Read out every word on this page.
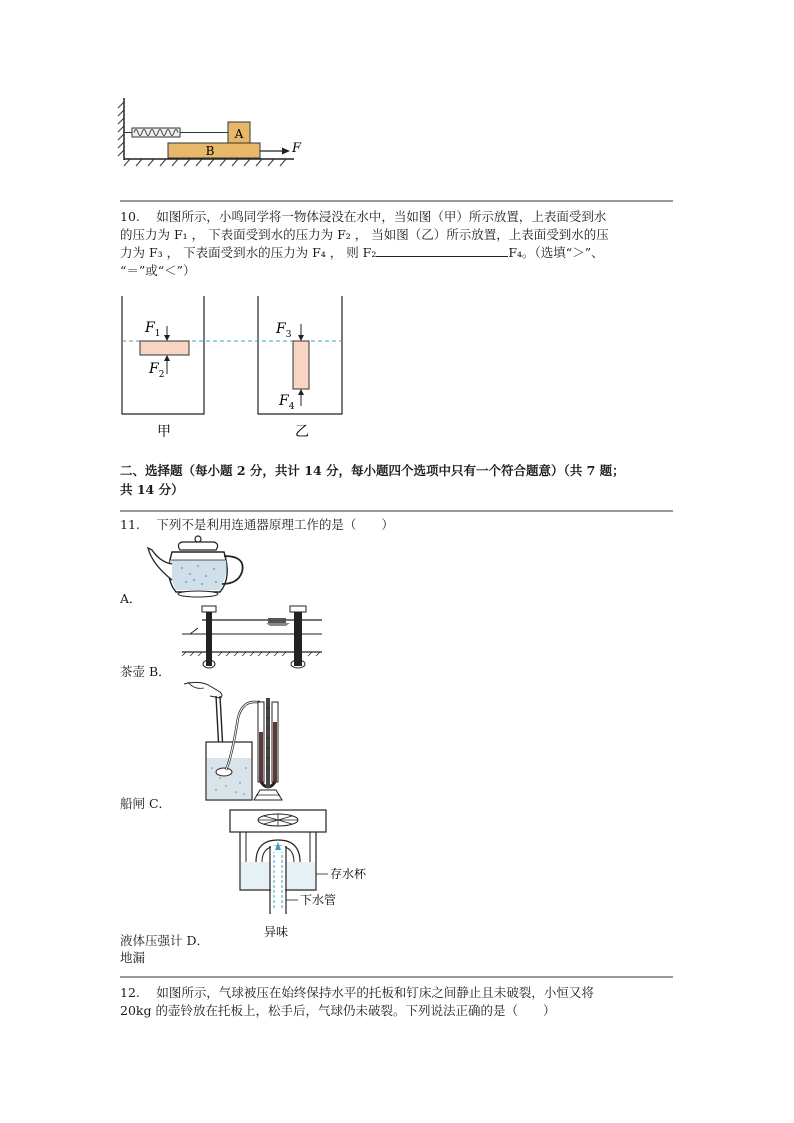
A
B	F
10.　 如图所示，小鸣同学将一物体浸没在水中，当如图（甲）所示放置，上表面受到水
的压力为 F₁ ， 下表面受到水的压力为 F₂ ， 当如图（乙）所示放置，上表面受到水的压
力为 F₃ ， 下表面受到水的压力为 F₄ ， 则 F₂	F₄。（选填“＞”、
“＝”或“＜”）
$F_1$
$F_2$
$F_3$
$F_4$
甲	乙
二、选择题（每小题 2 分，共计 14 分，每小题四个选项中只有一个符合题意）（共 7 题；
共 14 分）
11.　 下列不是利用连通器原理工作的是（　　）
A．
茶壶 B．
船闸 C．
存水杯
下水管
异味
液体压强计 D．
地漏
12.　 如图所示，气球被压在始终保持水平的托板和钉床之间静止且未破裂，小恒又将
20kg 的壶铃放在托板上，松手后，气球仍未破裂。下列说法正确的是（　　）
